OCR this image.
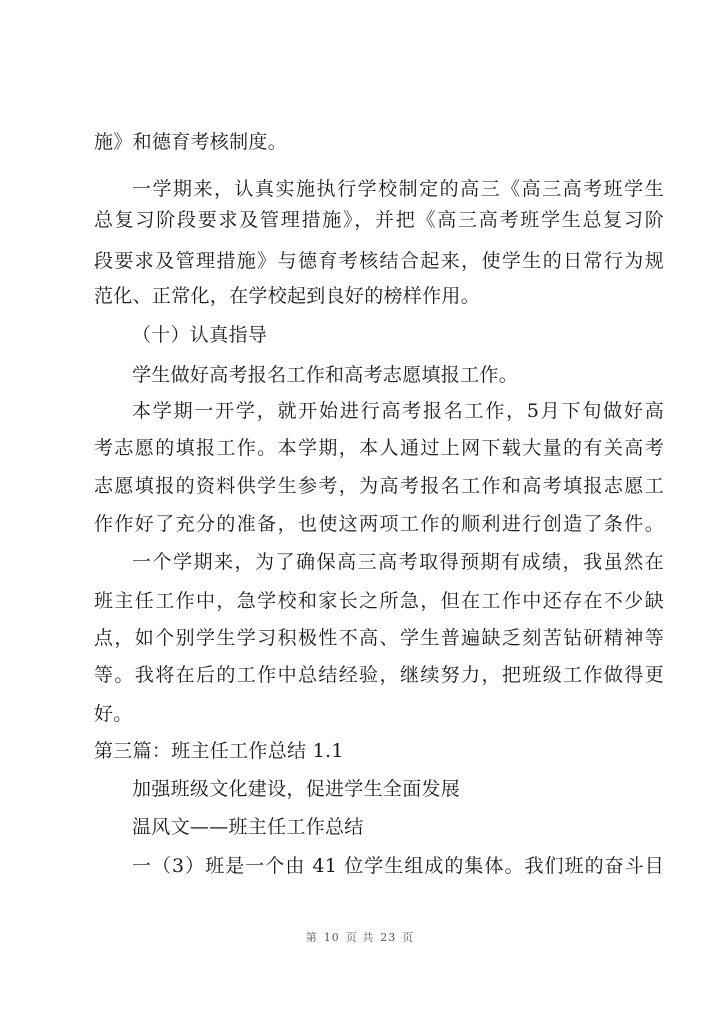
施》和德育考核制度。
一学期来，认真实施执行学校制定的高三《高三高考班学生
总复习阶段要求及管理措施》，并把《高三高考班学生总复习阶
段要求及管理措施》与德育考核结合起来，使学生的日常行为规
范化、正常化，在学校起到良好的榜样作用。
（十）认真指导
学生做好高考报名工作和高考志愿填报工作。
本学期一开学，就开始进行高考报名工作，5月下旬做好高
考志愿的填报工作。本学期，本人通过上网下载大量的有关高考
志愿填报的资料供学生参考，为高考报名工作和高考填报志愿工
作作好了充分的准备，也使这两项工作的顺利进行创造了条件。
一个学期来，为了确保高三高考取得预期有成绩，我虽然在
班主任工作中，急学校和家长之所急，但在工作中还存在不少缺
点，如个别学生学习积极性不高、学生普遍缺乏刻苦钻研精神等
等。我将在后的工作中总结经验，继续努力，把班级工作做得更
好。
第三篇：班主任工作总结 1.1
加强班级文化建设，促进学生全面发展
温风文——班主任工作总结
一（3）班是一个由 41 位学生组成的集体。我们班的奋斗目
第 10 页 共 23 页
